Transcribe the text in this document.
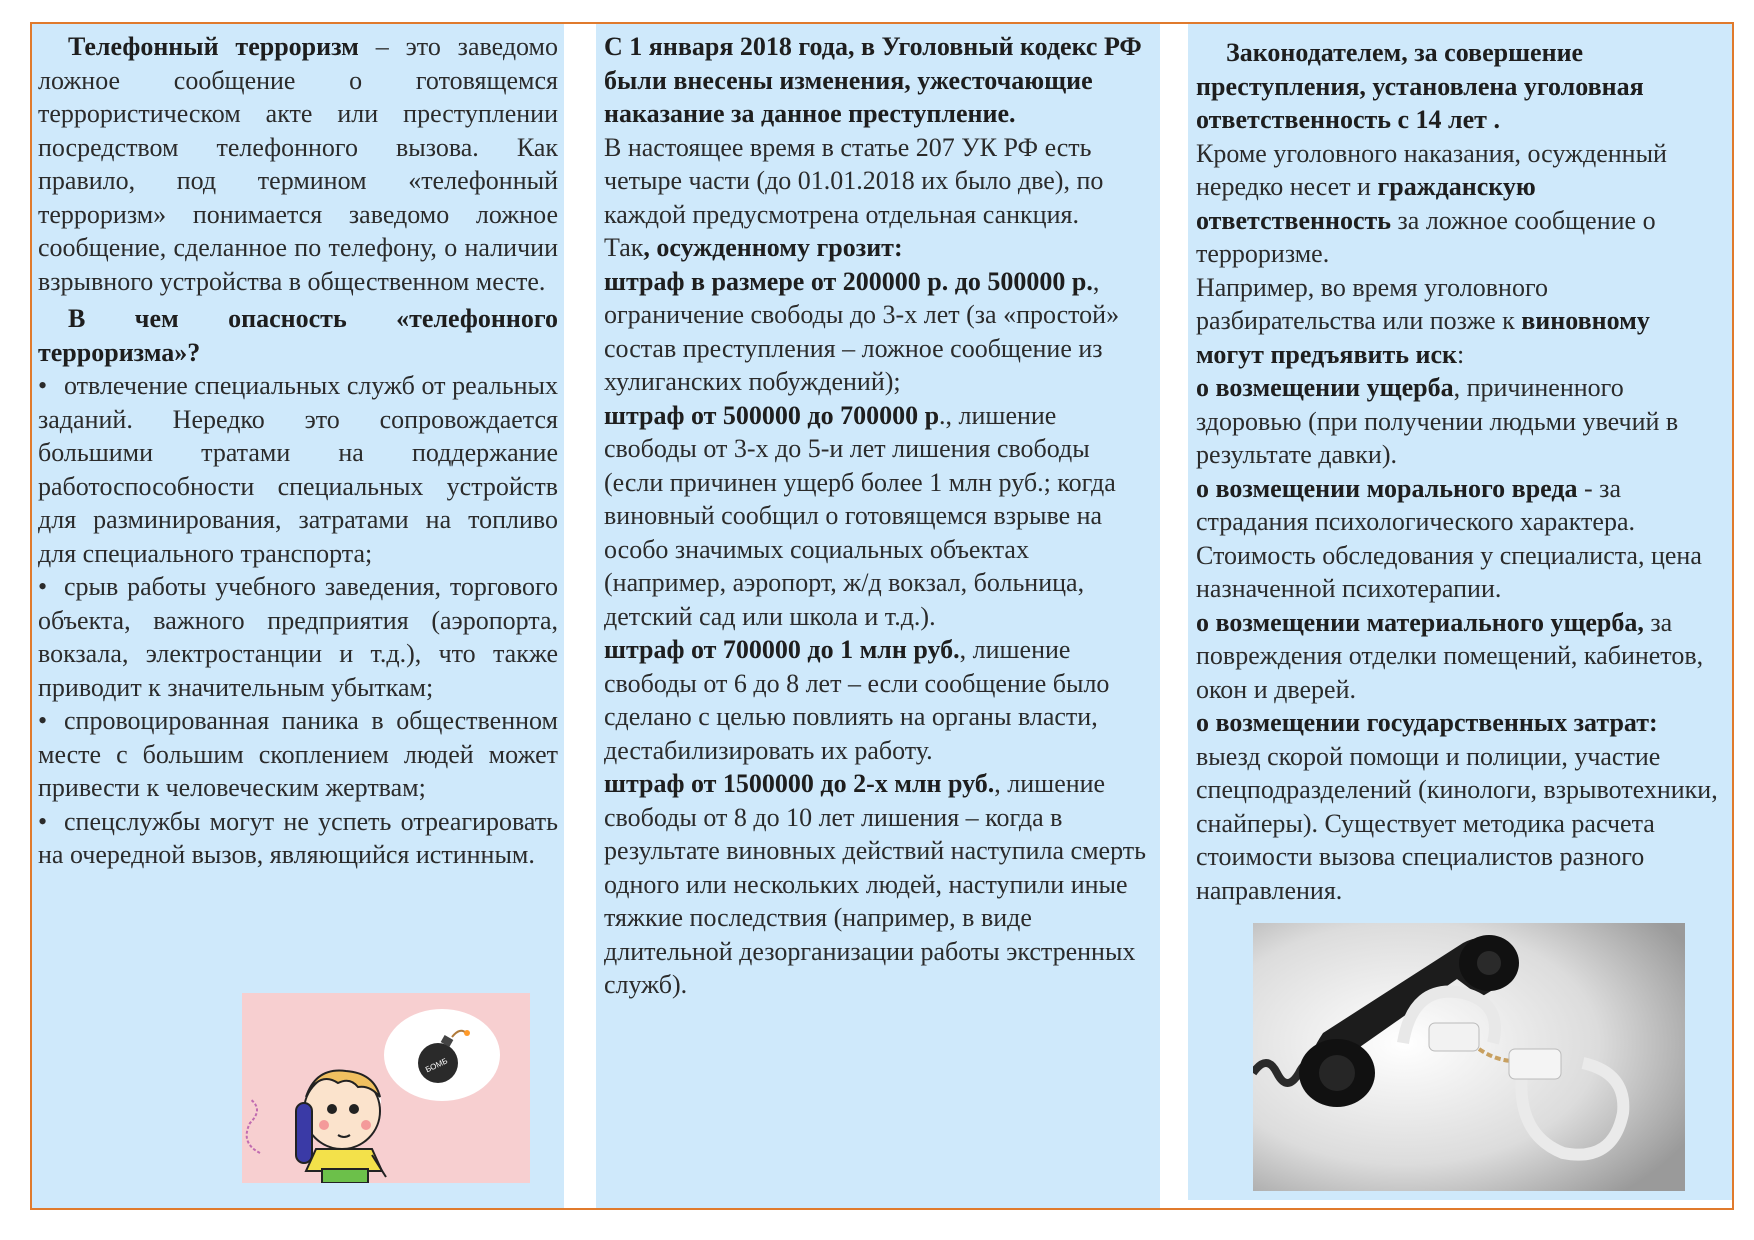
Телефонный терроризм – это заведомо ложное сообщение о готовящемся террористическом акте или преступлении посредством телефонного вызова. Как правило, под термином «телефонный терроризм» понимается заведомо ложное сообщение, сделанное по телефону, о наличии взрывного устройства в общественном месте.

В чем опасность «телефонного терроризма»?

• отвлечение специальных служб от реальных заданий. Нередко это сопровождается большими тратами на поддержание работоспособности специальных устройств для разминирования, затратами на топливо для специального транспорта;

• срыв работы учебного заведения, торгового объекта, важного предприятия (аэропорта, вокзала, электростанции и т.д.), что также приводит к значительным убыткам;

• спровоцированная паника в общественном месте с большим скоплением людей может привести к человеческим жертвам;

• спецслужбы могут не успеть отреагировать на очередной вызов, являющийся истинным.

С 1 января 2018 года, в Уголовный кодекс РФ были внесены изменения, ужесточающие наказание за данное преступление.

В настоящее время в статье 207 УК РФ есть четыре части (до 01.01.2018 их было две), по каждой предусмотрена отдельная санкция.

Так, осужденному грозит:

штраф в размере от 200000 р. до 500000 р., ограничение свободы до 3-х лет (за «простой» состав преступления – ложное сообщение из хулиганских побуждений);

штраф от 500000 до 700000 р., лишение свободы от 3-х до 5-и лет лишения свободы (если причинен ущерб более 1 млн руб.; когда виновный сообщил о готовящемся взрыве на особо значимых социальных объектах (например, аэропорт, ж/д вокзал, больница, детский сад или школа и т.д.).

штраф от 700000 до 1 млн руб., лишение свободы от 6 до 8 лет – если сообщение было сделано с целью повлиять на органы власти, дестабилизировать их работу.

штраф от 1500000 до 2-х млн руб., лишение свободы от 8 до 10 лет лишения – когда в результате виновных действий наступила смерть одного или нескольких людей, наступили иные тяжкие последствия (например, в виде длительной дезорганизации работы экстренных служб).

Законодателем, за совершение преступления, установлена уголовная ответственность с 14 лет .

Кроме уголовного наказания, осужденный нередко несет и гражданскую ответственность за ложное сообщение о терроризме.

Например, во время уголовного разбирательства или позже к виновному могут предъявить иск:

о возмещении ущерба, причиненного здоровью (при получении людьми увечий в результате давки).

о возмещении морального вреда - за страдания психологического характера. Стоимость обследования у специалиста, цена назначенной психотерапии.

о возмещении материального ущерба, за повреждения отделки помещений, кабинетов, окон и дверей.

о возмещении государственных затрат: выезд скорой помощи и полиции, участие спецподразделений (кинологи, взрывотехники, снайперы). Существует методика расчета стоимости вызова специалистов разного направления.

БОМБ
